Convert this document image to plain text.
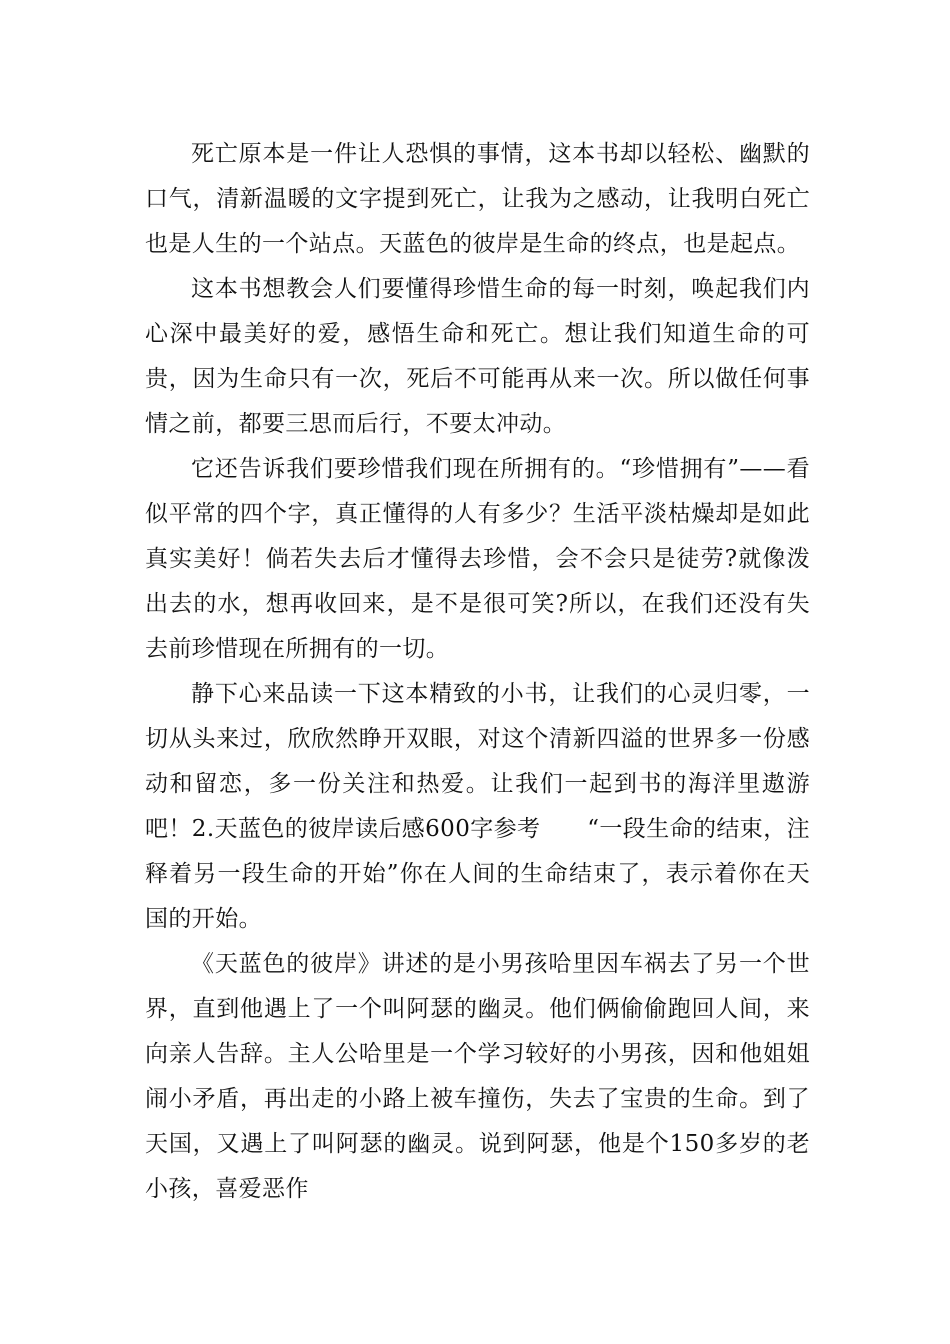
死亡原本是一件让人恐惧的事情，这本书却以轻松、幽默的口气，清新温暖的文字提到死亡，让我为之感动，让我明白死亡也是人生的一个站点。天蓝色的彼岸是生命的终点，也是起点。

这本书想教会人们要懂得珍惜生命的每一时刻，唤起我们内心深中最美好的爱，感悟生命和死亡。想让我们知道生命的可贵，因为生命只有一次，死后不可能再从来一次。所以做任何事情之前，都要三思而后行，不要太冲动。

它还告诉我们要珍惜我们现在所拥有的。“珍惜拥有”——看似平常的四个字，真正懂得的人有多少？生活平淡枯燥却是如此真实美好！倘若失去后才懂得去珍惜，会不会只是徒劳?就像泼出去的水，想再收回来，是不是很可笑?所以，在我们还没有失去前珍惜现在所拥有的一切。

静下心来品读一下这本精致的小书，让我们的心灵归零，一切从头来过，欣欣然睁开双眼，对这个清新四溢的世界多一份感动和留恋，多一份关注和热爱。让我们一起到书的海洋里遨游吧！2.天蓝色的彼岸读后感600字参考　　“一段生命的结束，注释着另一段生命的开始”你在人间的生命结束了，表示着你在天国的开始。

《天蓝色的彼岸》讲述的是小男孩哈里因车祸去了另一个世界，直到他遇上了一个叫阿瑟的幽灵。他们俩偷偷跑回人间，来向亲人告辞。主人公哈里是一个学习较好的小男孩，因和他姐姐闹小矛盾，再出走的小路上被车撞伤，失去了宝贵的生命。到了天国，又遇上了叫阿瑟的幽灵。说到阿瑟，他是个150多岁的老小孩，喜爱恶作
